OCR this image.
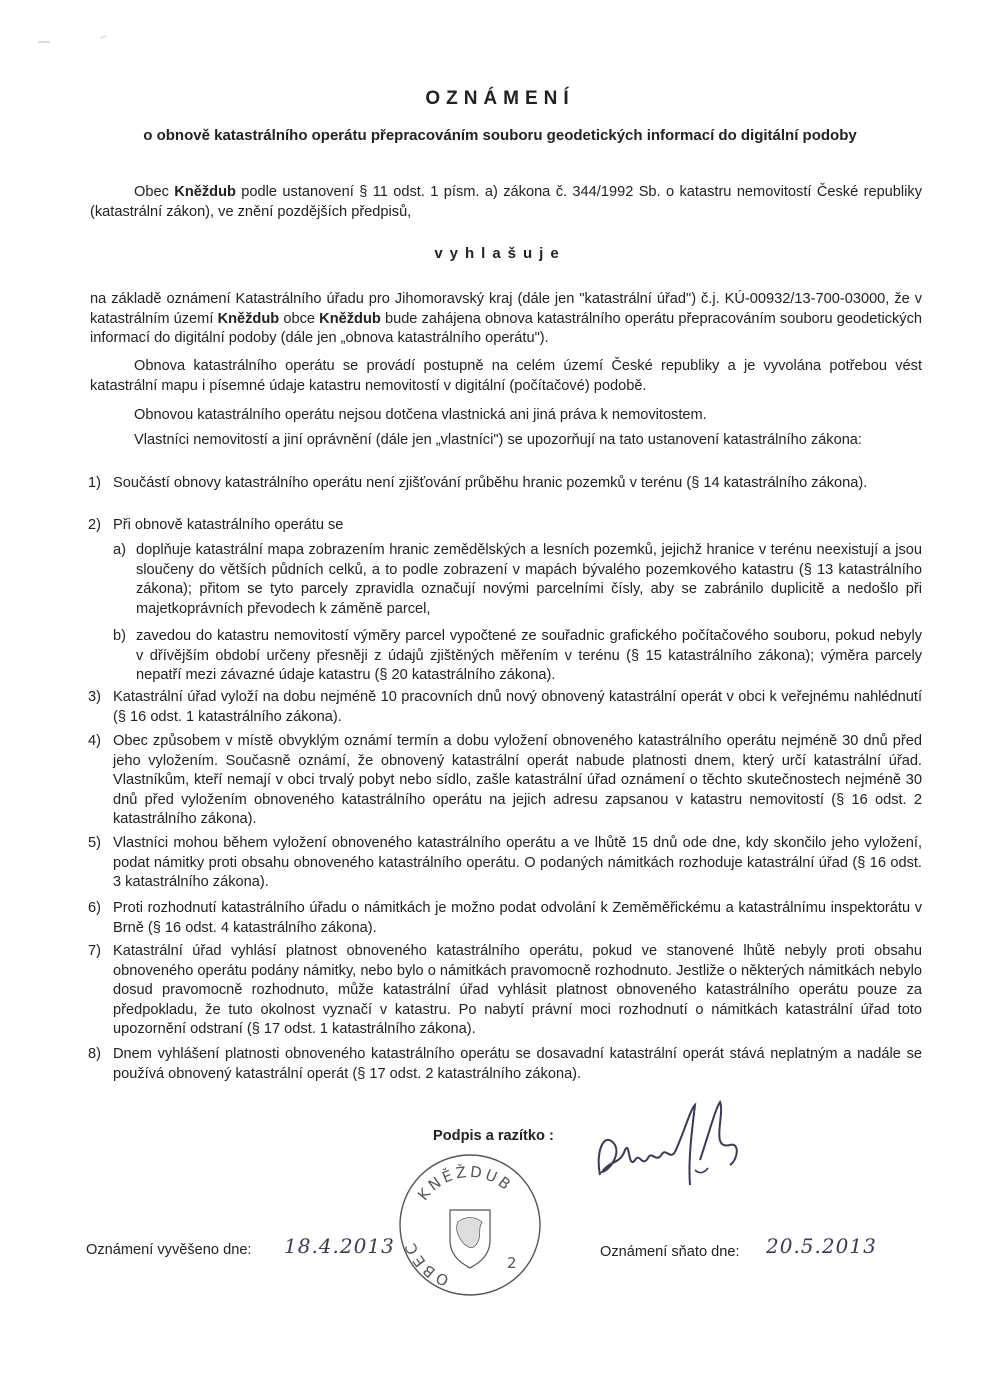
OZNÁMENÍ
o obnově katastrálního operátu přepracováním souboru geodetických informací do digitální podoby
Obec Kněždub podle ustanovení § 11 odst. 1 písm. a) zákona č. 344/1992 Sb. o katastru nemovitostí České republiky (katastrální zákon), ve znění pozdějších předpisů,
vyhlašuje
na základě oznámení Katastrálního úřadu pro Jihomoravský kraj (dále jen "katastrální úřad") č.j. KÚ-00932/13-700-03000, že v katastrálním území Kněždub obce Kněždub bude zahájena obnova katastrálního operátu přepracováním souboru geodetických informací do digitální podoby (dále jen „obnova katastrálního operátu").
Obnova katastrálního operátu se provádí postupně na celém území České republiky a je vyvolána potřebou vést katastrální mapu i písemné údaje katastru nemovitostí v digitální (počítačové) podobě.
Obnovou katastrálního operátu nejsou dotčena vlastnická ani jiná práva k nemovitostem.
Vlastníci nemovitostí a jiní oprávnění (dále jen „vlastníci") se upozorňují na tato ustanovení katastrálního zákona:
1) Součástí obnovy katastrálního operátu není zjišťování průběhu hranic pozemků v terénu (§ 14 katastrálního zákona).
2) Při obnově katastrálního operátu se
a) doplňuje katastrální mapa zobrazením hranic zemědělských a lesních pozemků, jejichž hranice v terénu neexistují a jsou sloučeny do větších půdních celků, a to podle zobrazení v mapách bývalého pozemkového katastru (§ 13 katastrálního zákona); přitom se tyto parcely zpravidla označují novými parcelními čísly, aby se zabránilo duplicitě a nedošlo při majetkoprávních převodech k záměně parcel,
b) zavedou do katastru nemovitostí výměry parcel vypočtené ze souřadnic grafického počítačového souboru, pokud nebyly v dřívějším období určeny přesněji z údajů zjištěných měřením v terénu (§ 15 katastrálního zákona); výměra parcely nepatří mezi závazné údaje katastru (§ 20 katastrálního zákona).
3) Katastrální úřad vyloží na dobu nejméně 10 pracovních dnů nový obnovený katastrální operát v obci k veřejnému nahlédnutí (§ 16 odst. 1 katastrálního zákona).
4) Obec způsobem v místě obvyklým oznámí termín a dobu vyložení obnoveného katastrálního operátu nejméně 30 dnů před jeho vyložením. Současně oznámí, že obnovený katastrální operát nabude platnosti dnem, který určí katastrální úřad. Vlastníkům, kteří nemají v obci trvalý pobyt nebo sídlo, zašle katastrální úřad oznámení o těchto skutečnostech nejméně 30 dnů před vyložením obnoveného katastrálního operátu na jejich adresu zapsanou v katastru nemovitostí (§ 16 odst. 2 katastrálního zákona).
5) Vlastníci mohou během vyložení obnoveného katastrálního operátu a ve lhůtě 15 dnů ode dne, kdy skončilo jeho vyložení, podat námitky proti obsahu obnoveného katastrálního operátu. O podaných námitkách rozhoduje katastrální úřad (§ 16 odst. 3 katastrálního zákona).
6) Proti rozhodnutí katastrálního úřadu o námitkách je možno podat odvolání k Zeměměřickému a katastrálnímu inspektorátu v Brně (§ 16 odst. 4 katastrálního zákona).
7) Katastrální úřad vyhlásí platnost obnoveného katastrálního operátu, pokud ve stanovené lhůtě nebyly proti obsahu obnoveného operátu podány námitky, nebo bylo o námitkách pravomocně rozhodnuto. Jestliže o některých námitkách nebylo dosud pravomocně rozhodnuto, může katastrální úřad vyhlásit platnost obnoveného katastrálního operátu pouze za předpokladu, že tuto okolnost vyznačí v katastru. Po nabytí právní moci rozhodnutí o námitkách katastrální úřad toto upozornění odstraní (§ 17 odst. 1 katastrálního zákona).
8) Dnem vyhlášení platnosti obnoveného katastrálního operátu se dosavadní katastrální operát stává neplatným a nadále se používá obnovený katastrální operát (§ 17 odst. 2 katastrálního zákona).
Podpis a razítko :
KNĚŽDUB
OBEC
2
Oznámení vyvěšeno dne: 18.4.2013	Oznámení sňato dne: 20.5.2013
